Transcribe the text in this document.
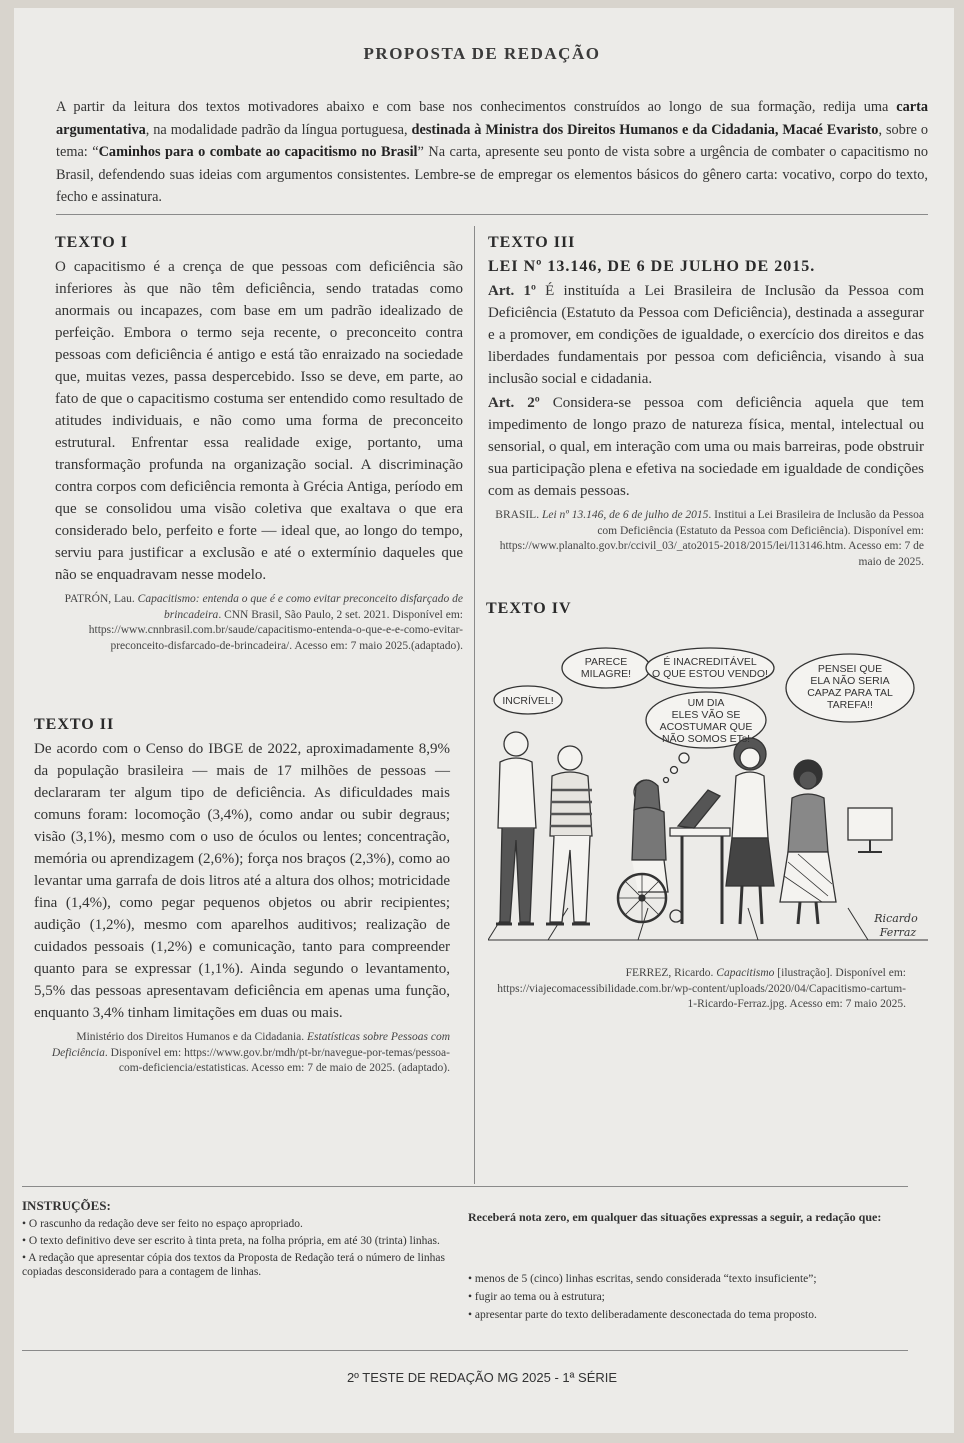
PROPOSTA DE REDAÇÃO
A partir da leitura dos textos motivadores abaixo e com base nos conhecimentos construídos ao longo de sua formação, redija uma carta argumentativa, na modalidade padrão da língua portuguesa, destinada à Ministra dos Direitos Humanos e da Cidadania, Macaé Evaristo, sobre o tema: “Caminhos para o combate ao capacitismo no Brasil” Na carta, apresente seu ponto de vista sobre a urgência de combater o capacitismo no Brasil, defendendo suas ideias com argumentos consistentes. Lembre-se de empregar os elementos básicos do gênero carta: vocativo, corpo do texto, fecho e assinatura.
TEXTO I
O capacitismo é a crença de que pessoas com deficiência são inferiores às que não têm deficiência, sendo tratadas como anormais ou incapazes, com base em um padrão idealizado de perfeição. Embora o termo seja recente, o preconceito contra pessoas com deficiência é antigo e está tão enraizado na sociedade que, muitas vezes, passa despercebido. Isso se deve, em parte, ao fato de que o capacitismo costuma ser entendido como resultado de atitudes individuais, e não como uma forma de preconceito estrutural. Enfrentar essa realidade exige, portanto, uma transformação profunda na organização social. A discriminação contra corpos com deficiência remonta à Grécia Antiga, período em que se consolidou uma visão coletiva que exaltava o que era considerado belo, perfeito e forte — ideal que, ao longo do tempo, serviu para justificar a exclusão e até o extermínio daqueles que não se enquadravam nesse modelo.
PATRÓN, Lau. Capacitismo: entenda o que é e como evitar preconceito disfarçado de brincadeira. CNN Brasil, São Paulo, 2 set. 2021. Disponível em: https://www.cnnbrasil.com.br/saude/capacitismo-entenda-o-que-e-e-como-evitar-preconceito-disfarcado-de-brincadeira/. Acesso em: 7 maio 2025.(adaptado).
TEXTO II
De acordo com o Censo do IBGE de 2022, aproximadamente 8,9% da população brasileira — mais de 17 milhões de pessoas — declararam ter algum tipo de deficiência. As dificuldades mais comuns foram: locomoção (3,4%), como andar ou subir degraus; visão (3,1%), mesmo com o uso de óculos ou lentes; concentração, memória ou aprendizagem (2,6%); força nos braços (2,3%), como ao levantar uma garrafa de dois litros até a altura dos olhos; motricidade fina (1,4%), como pegar pequenos objetos ou abrir recipientes; audição (1,2%), mesmo com aparelhos auditivos; realização de cuidados pessoais (1,2%) e comunicação, tanto para compreender quanto para se expressar (1,1%). Ainda segundo o levantamento, 5,5% das pessoas apresentavam deficiência em apenas uma função, enquanto 3,4% tinham limitações em duas ou mais.
Ministério dos Direitos Humanos e da Cidadania. Estatísticas sobre Pessoas com Deficiência. Disponível em: https://www.gov.br/mdh/pt-br/navegue-por-temas/pessoa-com-deficiencia/estatisticas. Acesso em: 7 de maio de 2025. (adaptado).
TEXTO III
LEI Nº 13.146, DE 6 DE JULHO DE 2015.
Art. 1º É instituída a Lei Brasileira de Inclusão da Pessoa com Deficiência (Estatuto da Pessoa com Deficiência), destinada a assegurar e a promover, em condições de igualdade, o exercício dos direitos e das liberdades fundamentais por pessoa com deficiência, visando à sua inclusão social e cidadania.
Art. 2º Considera-se pessoa com deficiência aquela que tem impedimento de longo prazo de natureza física, mental, intelectual ou sensorial, o qual, em interação com uma ou mais barreiras, pode obstruir sua participação plena e efetiva na sociedade em igualdade de condições com as demais pessoas.
BRASIL. Lei nº 13.146, de 6 de julho de 2015. Institui a Lei Brasileira de Inclusão da Pessoa com Deficiência (Estatuto da Pessoa com Deficiência). Disponível em: https://www.planalto.gov.br/ccivil_03/_ato2015-2018/2015/lei/l13146.htm. Acesso em: 7 de maio de 2025.
TEXTO IV
PARECE
MILAGRE!
É INACREDITÁVEL
O QUE ESTOU VENDO!	PENSEI QUE
ELA NÃO SERIA
CAPAZ PARA TAL
TAREFA!!
INCRÍVEL!	UM DIA
ELES VÃO SE
ACOSTUMAR QUE
NÃO SOMOS ETs!
Ricardo
Ferraz
FERREZ, Ricardo. Capacitismo [ilustração]. Disponível em: https://viajecomacessibilidade.com.br/wp-content/uploads/2020/04/Capacitismo-cartum-1-Ricardo-Ferraz.jpg. Acesso em: 7 maio 2025.
INSTRUÇÕES:

• O rascunho da redação deve ser feito no espaço apropriado.

• O texto definitivo deve ser escrito à tinta preta, na folha própria, em até 30 (trinta) linhas.

• A redação que apresentar cópia dos textos da Proposta de Redação terá o número de linhas copiadas desconsiderado para a contagem de linhas.

Receberá nota zero, em qualquer das situações expressas a seguir, a redação que:

• menos de 5 (cinco) linhas escritas, sendo considerada “texto insuficiente”;

• fugir ao tema ou à estrutura;

• apresentar parte do texto deliberadamente desconectada do tema proposto.

2º TESTE DE REDAÇÃO MG 2025 - 1ª SÉRIE
